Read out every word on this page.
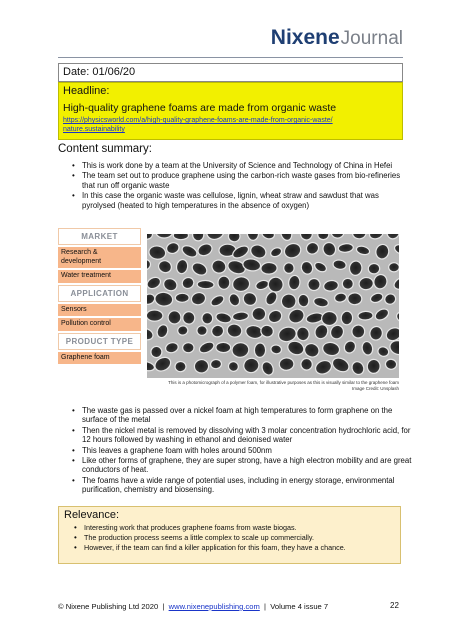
NixeneJournal
Date: 01/06/20
Headline:
High-quality graphene foams are made from organic waste
https://physicsworld.com/a/high-quality-graphene-foams-are-made-from-organic-waste/
nature.sustainability
Content summary:
• This is work done by a team at the University of Science and Technology of China in Hefei
• The team set out to produce graphene using the carbon-rich waste gases from bio-refineries that run off organic waste
• In this case the organic waste was cellulose, lignin, wheat straw and sawdust that was pyrolysed (heated to high temperatures in the absence of oxygen)
MARKET
Research & development
Water treatment
APPLICATION
Sensors
Pollution control
PRODUCT TYPE
Graphene foam
This is a photomicrograph of a polymer foam, for illustrative purposes as this is visually similar to the graphene foam
Image Credit: Unsplash
• The waste gas is passed over a nickel foam at high temperatures to form graphene on the surface of the metal
• Then the nickel metal is removed by dissolving with 3 molar concentration hydrochloric acid, for 12 hours followed by washing in ethanol and deionised water
• This leaves a graphene foam with holes around 500nm
• Like other forms of graphene, they are super strong, have a high electron mobility and are great conductors of heat.
• The foams have a wide range of potential uses, including in energy storage, environmental purification, chemistry and biosensing.
Relevance:
• Interesting work that produces graphene foams from waste biogas.
• The production process seems a little complex to scale up commercially.
• However, if the team can find a killer application for this foam, they have a chance.
© Nixene Publishing Ltd 2020 | www.nixenepublishing.com | Volume 4 issue 7	22
